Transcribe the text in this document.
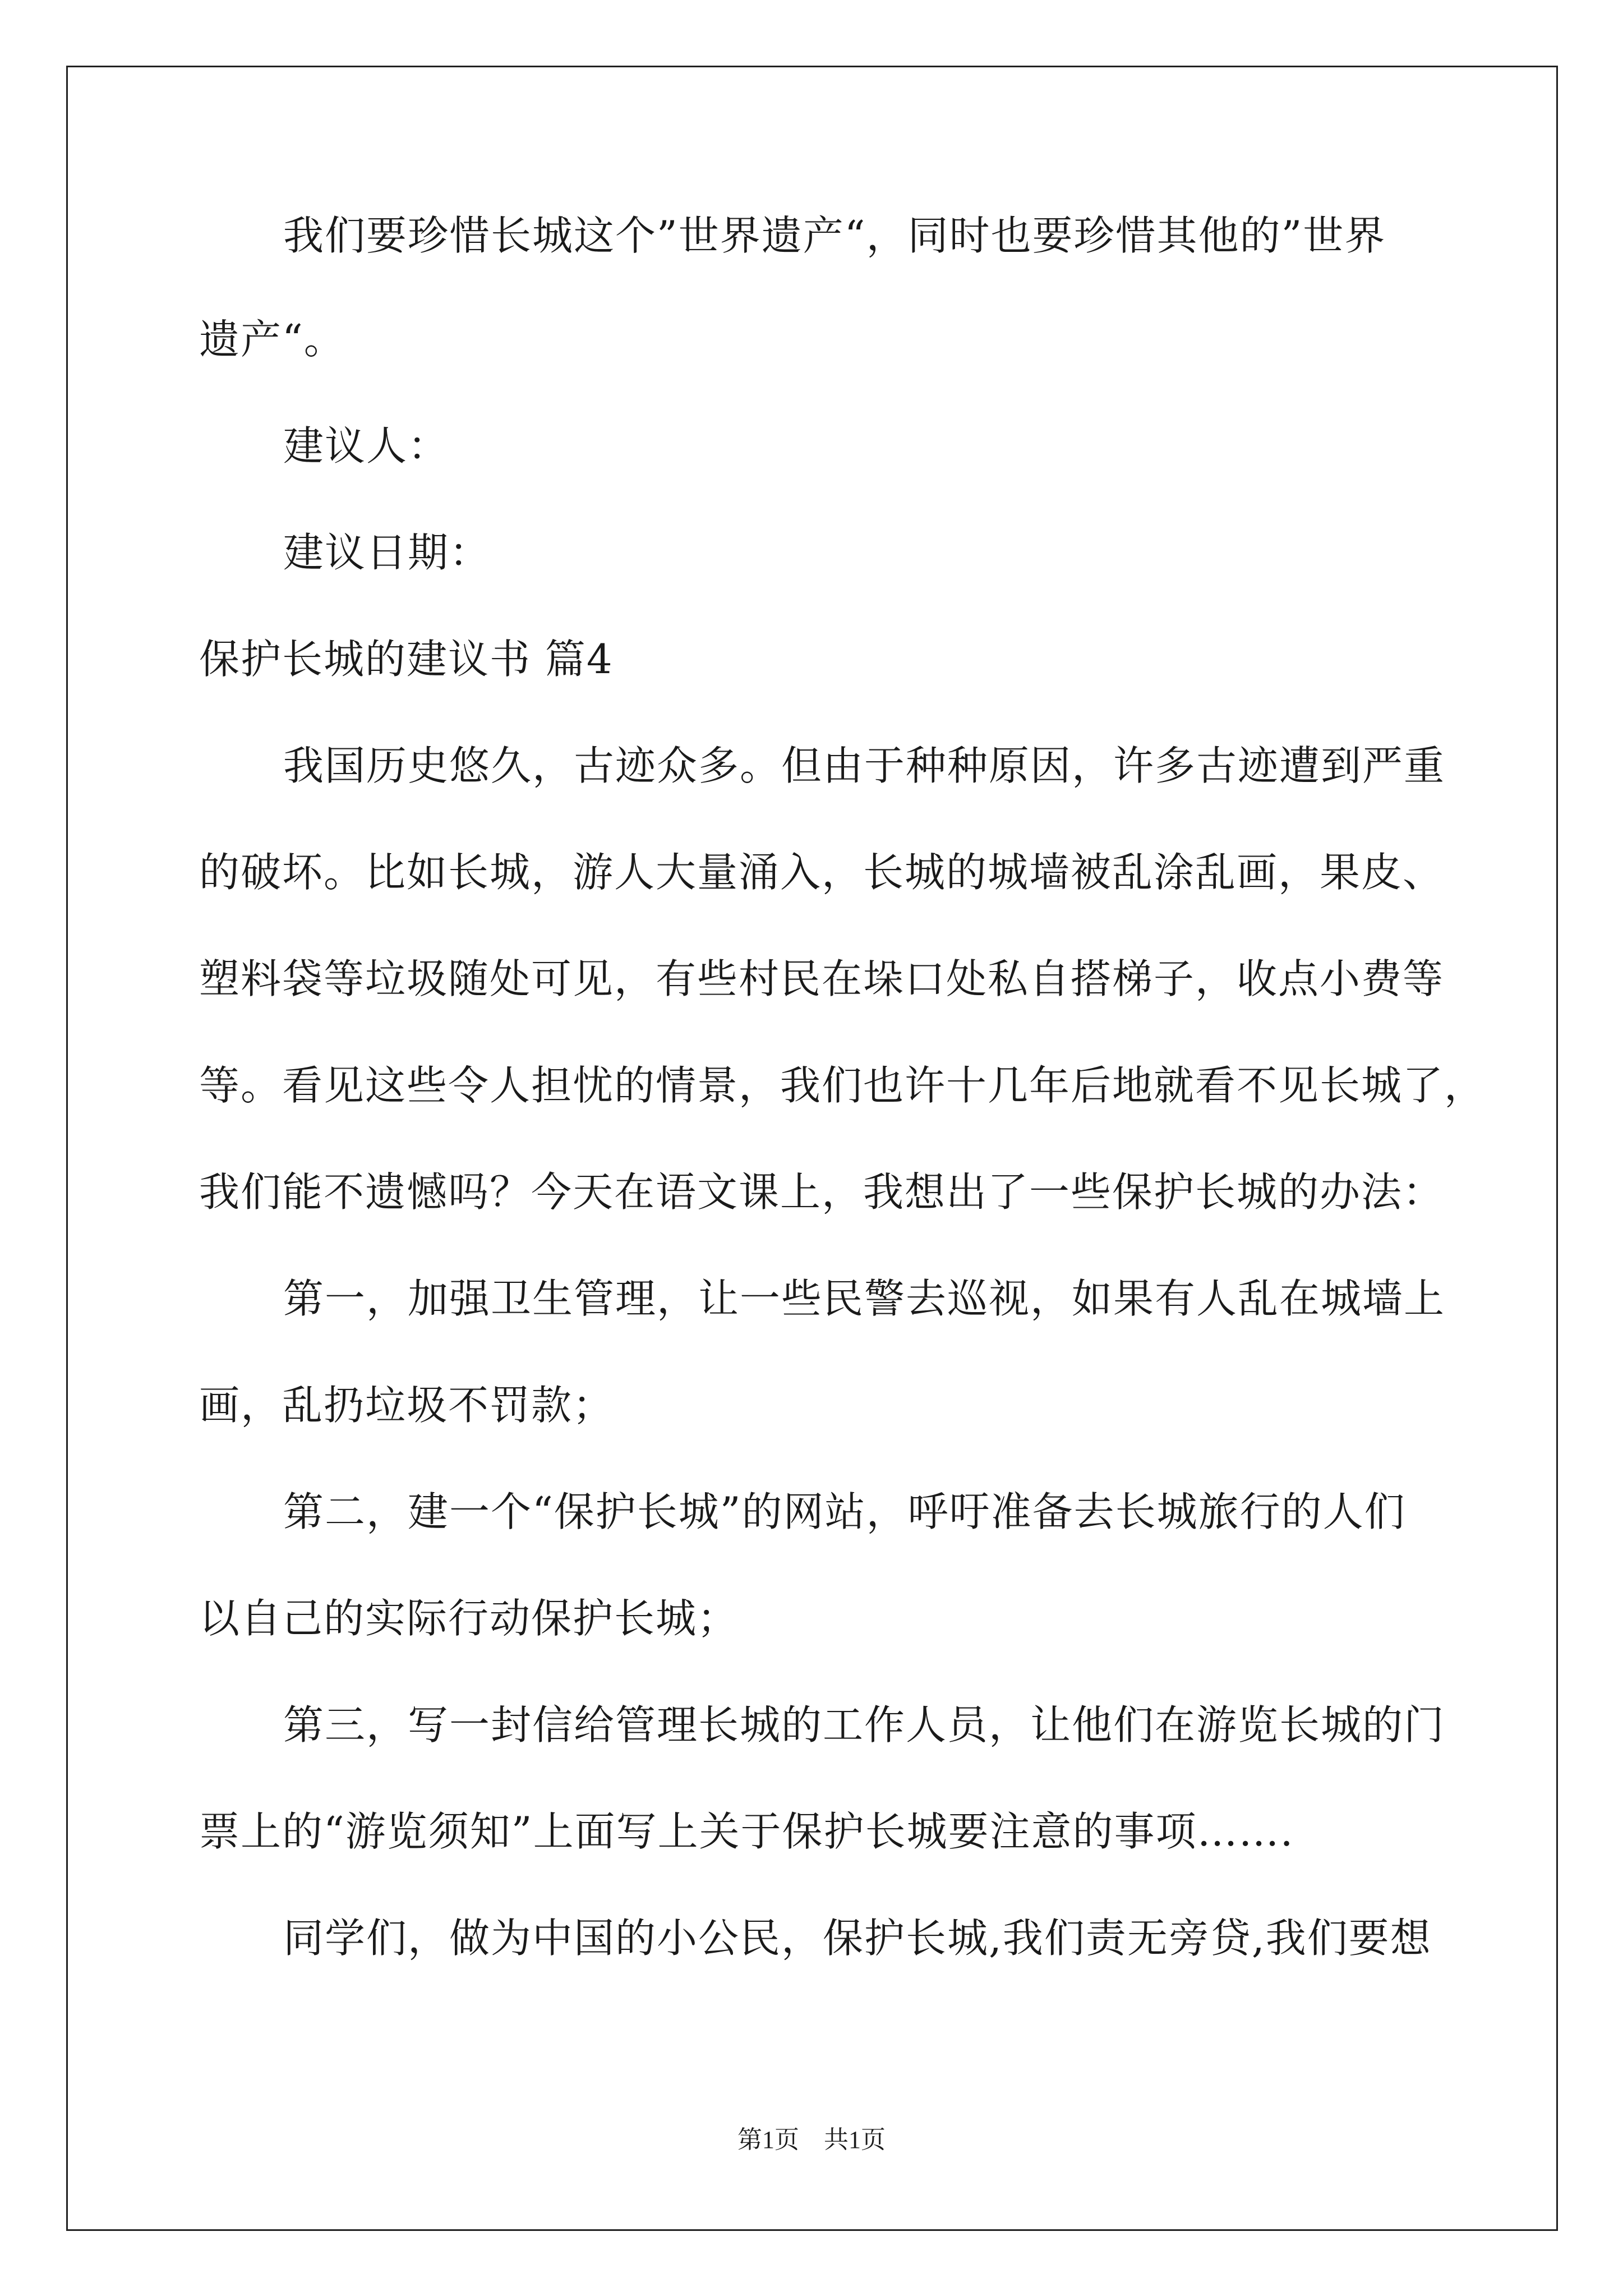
我们要珍惜长城这个”世界遗产“，同时也要珍惜其他的”世界
遗产“。
建议人：
建议日期：
保护长城的建议书 篇4
我国历史悠久，古迹众多。但由于种种原因，许多古迹遭到严重
的破坏。比如长城，游人大量涌入，长城的城墙被乱涂乱画，果皮、
塑料袋等垃圾随处可见，有些村民在垛口处私自搭梯子，收点小费等
等。看见这些令人担忧的情景，我们也许十几年后地就看不见长城了，
我们能不遗憾吗？今天在语文课上，我想出了一些保护长城的办法：
第一，加强卫生管理，让一些民警去巡视，如果有人乱在城墙上
画，乱扔垃圾不罚款；
第二，建一个“保护长城”的网站，呼吁准备去长城旅行的人们
以自己的实际行动保护长城；
第三，写一封信给管理长城的工作人员，让他们在游览长城的门
票上的“游览须知”上面写上关于保护长城要注意的事项…….
同学们，做为中国的小公民，保护长城,我们责无旁贷,我们要想
第1页　共1页
